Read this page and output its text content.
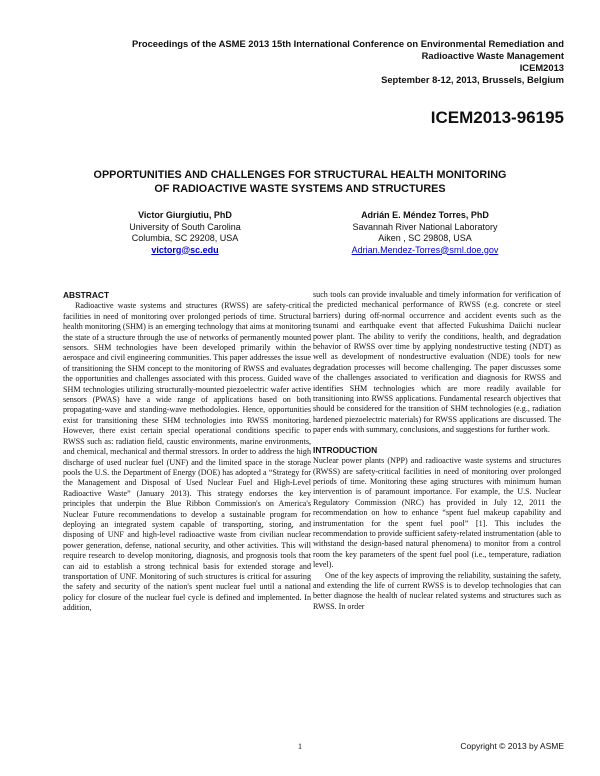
Proceedings of the ASME 2013 15th International Conference on Environmental Remediation and
Radioactive Waste Management
ICEM2013
September 8-12, 2013, Brussels, Belgium
ICEM2013-96195
OPPORTUNITIES AND CHALLENGES FOR STRUCTURAL HEALTH MONITORING
OF RADIOACTIVE WASTE SYSTEMS AND STRUCTURES
Victor Giurgiutiu, PhD
University of South Carolina
Columbia, SC 29208, USA
victorg@sc.edu
Adrián E. Méndez Torres, PhD
Savannah River National Laboratory
Aiken , SC 29808, USA
Adrian.Mendez-Torres@srnl.doe.gov
ABSTRACT

Radioactive waste systems and structures (RWSS) are safety-critical facilities in need of monitoring over prolonged periods of time. Structural health monitoring (SHM) is an emerging technology that aims at monitoring the state of a structure through the use of networks of permanently mounted sensors. SHM technologies have been developed primarily within the aerospace and civil engineering communities. This paper addresses the issue of transitioning the SHM concept to the monitoring of RWSS and evaluates the opportunities and challenges associated with this process. Guided wave SHM technologies utilizing structurally-mounted piezoelectric wafer active sensors (PWAS) have a wide range of applications based on both propagating-wave and standing-wave methodologies. Hence, opportunities exist for transitioning these SHM technologies into RWSS monitoring. However, there exist certain special operational conditions specific to RWSS such as: radiation field, caustic environments, marine environments, and chemical, mechanical and thermal stressors. In order to address the high discharge of used nuclear fuel (UNF) and the limited space in the storage pools the U.S. the Department of Energy (DOE) has adopted a “Strategy for the Management and Disposal of Used Nuclear Fuel and High-Level Radioactive Waste” (January 2013). This strategy endorses the key principles that underpin the Blue Ribbon Commission's on America's Nuclear Future recommendations to develop a sustainable program for deploying an integrated system capable of transporting, storing, and disposing of UNF and high-level radioactive waste from civilian nuclear power generation, defense, national security, and other activities. This will require research to develop monitoring, diagnosis, and prognosis tools that can aid to establish a strong technical basis for extended storage and transportation of UNF. Monitoring of such structures is critical for assuring the safety and security of the nation's spent nuclear fuel until a national policy for closure of the nuclear fuel cycle is defined and implemented. In addition,

such tools can provide invaluable and timely information for verification of the predicted mechanical performance of RWSS (e.g. concrete or steel barriers) during off-normal occurrence and accident events such as the tsunami and earthquake event that affected Fukushima Daiichi nuclear power plant. The ability to verify the conditions, health, and degradation behavior of RWSS over time by applying nondestructive testing (NDT) as well as development of nondestructive evaluation (NDE) tools for new degradation processes will become challenging. The paper discusses some of the challenges associated to verification and diagnosis for RWSS and identifies SHM technologies which are more readily available for transitioning into RWSS applications. Fundamental research objectives that should be considered for the transition of SHM technologies (e.g., radiation hardened piezoelectric materials) for RWSS applications are discussed. The paper ends with summary, conclusions, and suggestions for further work.

INTRODUCTION

Nuclear power plants (NPP) and radioactive waste systems and structures (RWSS) are safety-critical facilities in need of monitoring over prolonged periods of time. Monitoring these aging structures with minimum human intervention is of paramount importance. For example, the U.S. Nuclear Regulatory Commission (NRC) has provided in July 12, 2011 the recommendation on how to enhance “spent fuel makeup capability and instrumentation for the spent fuel pool” [1]. This includes the recommendation to provide sufficient safety-related instrumentation (able to withstand the design-based natural phenomena) to monitor from a control room the key parameters of the spent fuel pool (i.e., temperature, radiation level).

One of the key aspects of improving the reliability, sustaining the safety, and extending the life of current RWSS is to develop technologies that can better diagnose the health of nuclear related systems and structures such as RWSS. In order

1	Copyright © 2013 by ASME
